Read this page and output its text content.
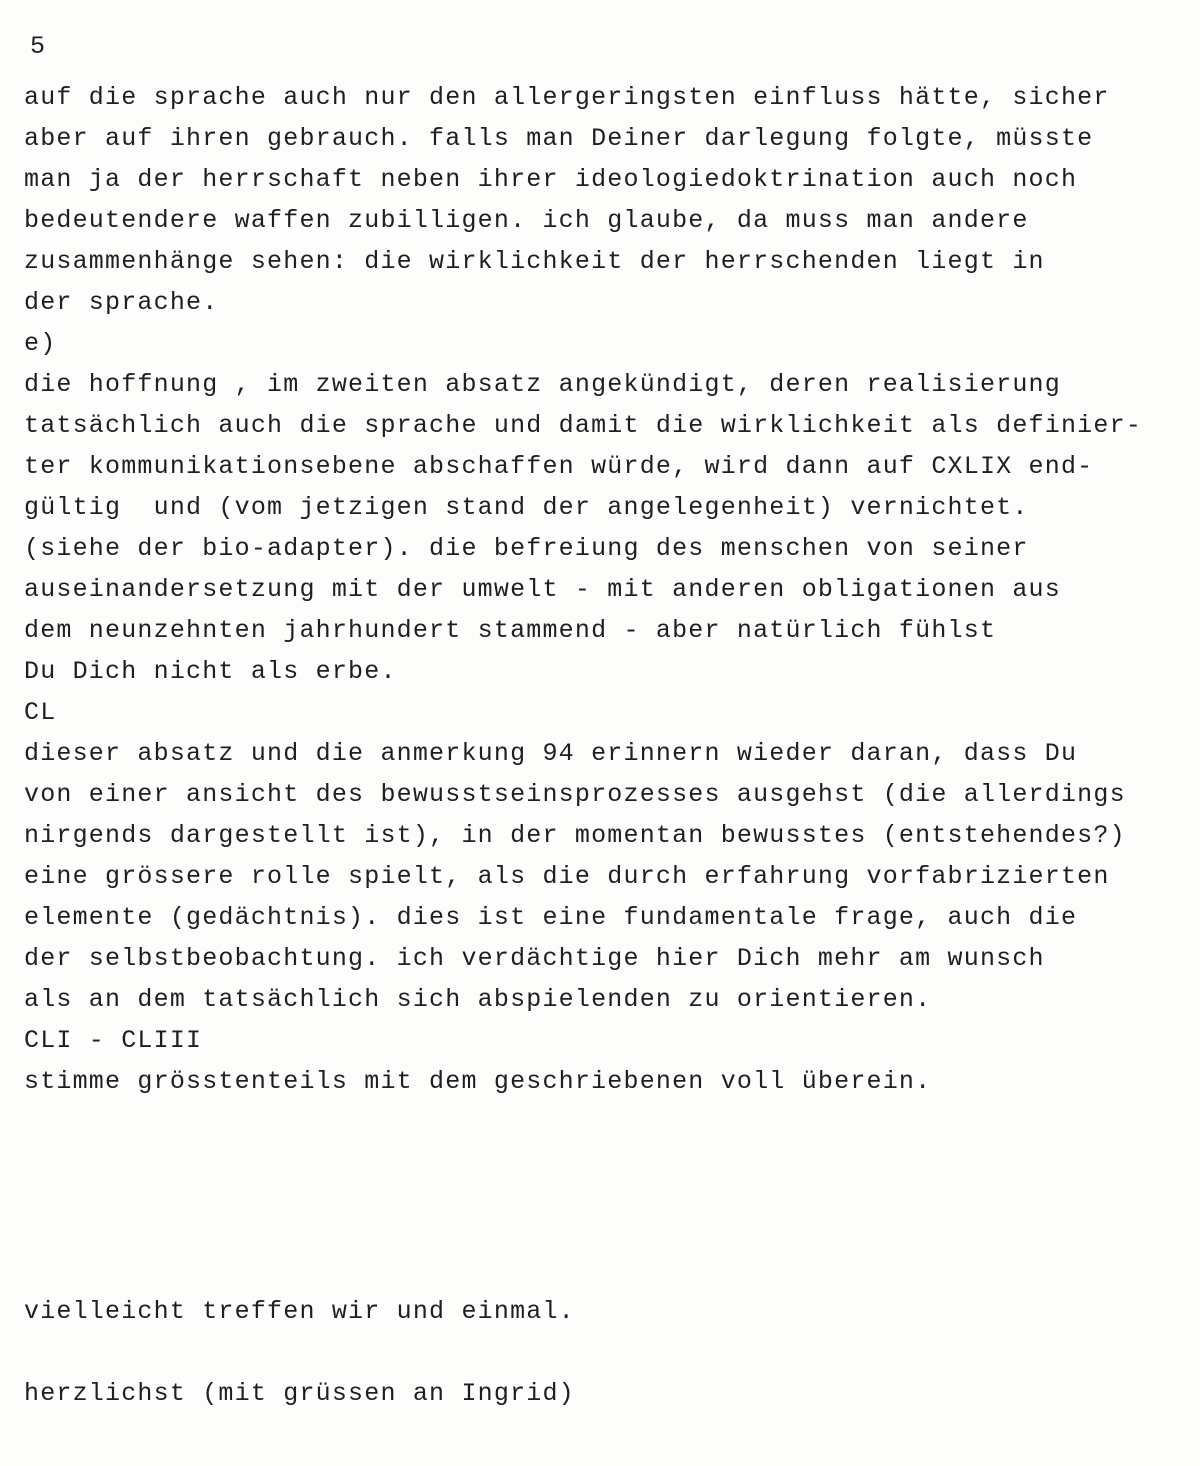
5
auf die sprache auch nur den allergeringsten einfluss hätte, sicher
aber auf ihren gebrauch. falls man Deiner darlegung folgte, müsste
man ja der herrschaft neben ihrer ideologiedoktrination auch noch
bedeutendere waffen zubilligen. ich glaube, da muss man andere
zusammenhänge sehen: die wirklichkeit der herrschenden liegt in
der sprache.
e)
die hoffnung , im zweiten absatz angekündigt, deren realisierung
tatsächlich auch die sprache und damit die wirklichkeit als definier-
ter kommunikationsebene abschaffen würde, wird dann auf CXLIX end-
gültig  und (vom jetzigen stand der angelegenheit) vernichtet.
(siehe der bio-adapter). die befreiung des menschen von seiner
auseinandersetzung mit der umwelt - mit anderen obligationen aus
dem neunzehnten jahrhundert stammend - aber natürlich fühlst
Du Dich nicht als erbe.
CL
dieser absatz und die anmerkung 94 erinnern wieder daran, dass Du
von einer ansicht des bewusstseinsprozesses ausgehst (die allerdings
nirgends dargestellt ist), in der momentan bewusstes (entstehendes?)
eine grössere rolle spielt, als die durch erfahrung vorfabrizierten
elemente (gedächtnis). dies ist eine fundamentale frage, auch die
der selbstbeobachtung. ich verdächtige hier Dich mehr am wunsch
als an dem tatsächlich sich abspielenden zu orientieren.
CLI - CLIII
stimme grösstenteils mit dem geschriebenen voll überein.
vielleicht treffen wir und einmal.
herzlichst (mit grüssen an Ingrid)
